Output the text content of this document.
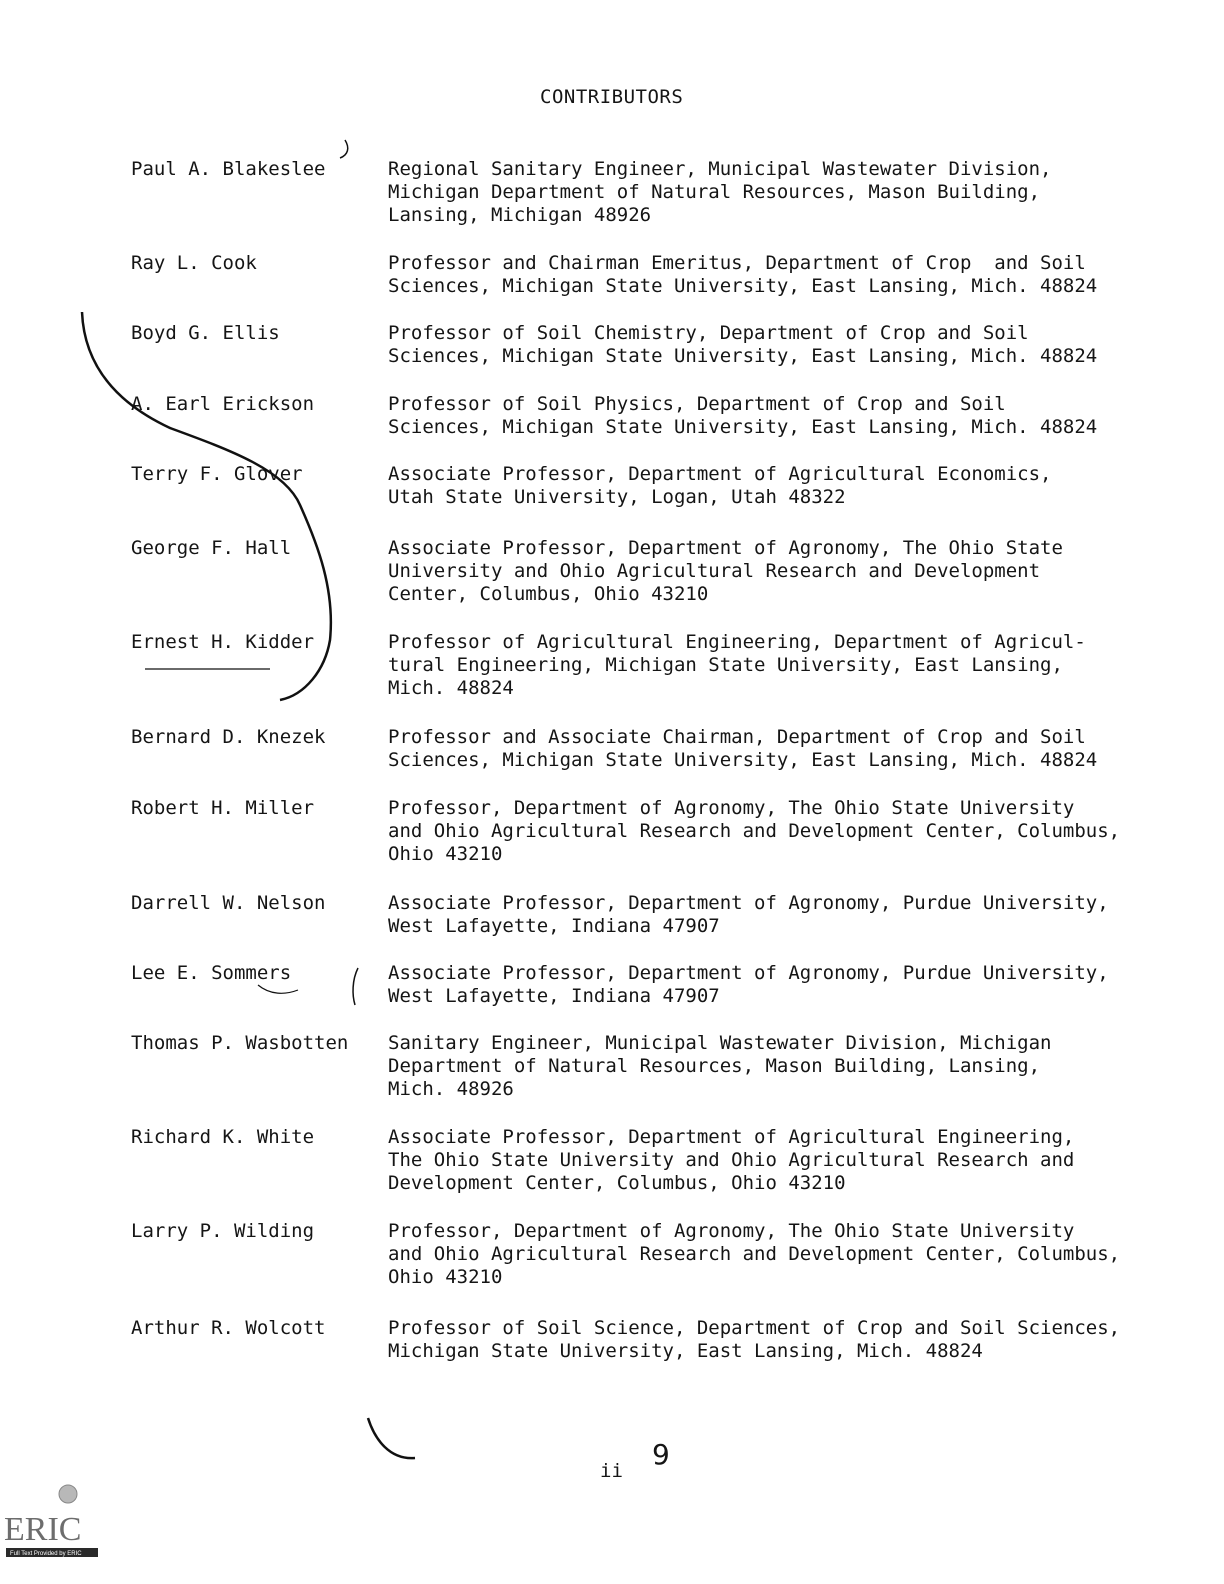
CONTRIBUTORS
Paul A. Blakeslee	Regional Sanitary Engineer, Municipal Wastewater Division,
Michigan Department of Natural Resources, Mason Building,
Lansing, Michigan 48926
Ray L. Cook	Professor and Chairman Emeritus, Department of Crop  and Soil
Sciences, Michigan State University, East Lansing, Mich. 48824
Boyd G. Ellis	Professor of Soil Chemistry, Department of Crop and Soil
Sciences, Michigan State University, East Lansing, Mich. 48824
A. Earl Erickson	Professor of Soil Physics, Department of Crop and Soil
Sciences, Michigan State University, East Lansing, Mich. 48824
Terry F. Glover	Associate Professor, Department of Agricultural Economics,
Utah State University, Logan, Utah 48322
George F. Hall	Associate Professor, Department of Agronomy, The Ohio State
University and Ohio Agricultural Research and Development
Center, Columbus, Ohio 43210
Ernest H. Kidder	Professor of Agricultural Engineering, Department of Agricul-
tural Engineering, Michigan State University, East Lansing,
Mich. 48824
Bernard D. Knezek	Professor and Associate Chairman, Department of Crop and Soil
Sciences, Michigan State University, East Lansing, Mich. 48824
Robert H. Miller	Professor, Department of Agronomy, The Ohio State University
and Ohio Agricultural Research and Development Center, Columbus,
Ohio 43210
Darrell W. Nelson	Associate Professor, Department of Agronomy, Purdue University,
West Lafayette, Indiana 47907
Lee E. Sommers	Associate Professor, Department of Agronomy, Purdue University,
West Lafayette, Indiana 47907
Thomas P. Wasbotten Sanitary Engineer, Municipal Wastewater Division, Michigan
Department of Natural Resources, Mason Building, Lansing,
Mich. 48926
Richard K. White	Associate Professor, Department of Agricultural Engineering,
The Ohio State University and Ohio Agricultural Research and
Development Center, Columbus, Ohio 43210
Larry P. Wilding	Professor, Department of Agronomy, The Ohio State University
and Ohio Agricultural Research and Development Center, Columbus,
Ohio 43210
Arthur R. Wolcott	Professor of Soil Science, Department of Crop and Soil Sciences,
Michigan State University, East Lansing, Mich. 48824
ii 9
ERIC
Full Text Provided by ERIC
